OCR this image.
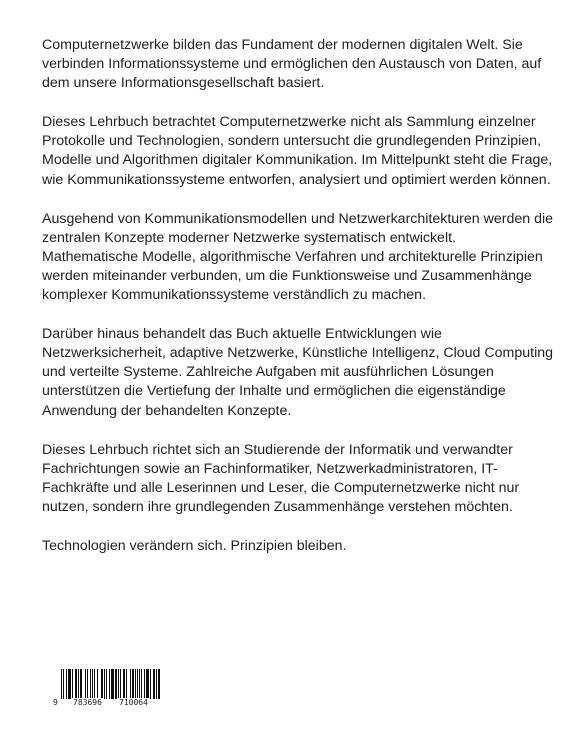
Computernetzwerke bilden das Fundament der modernen digitalen Welt. Sie verbinden Informationssysteme und ermöglichen den Austausch von Daten, auf dem unsere Informationsgesellschaft basiert.

Dieses Lehrbuch betrachtet Computernetzwerke nicht als Sammlung einzelner Protokolle und Technologien, sondern untersucht die grundlegenden Prinzipien, Modelle und Algorithmen digitaler Kommunikation. Im Mittelpunkt steht die Frage, wie Kommunikationssysteme entworfen, analysiert und optimiert werden können.

Ausgehend von Kommunikationsmodellen und Netzwerkarchitekturen werden die zentralen Konzepte moderner Netzwerke systematisch entwickelt. Mathematische Modelle, algorithmische Verfahren und architekturelle Prinzipien werden miteinander verbunden, um die Funktionsweise und Zusammenhänge komplexer Kommunikationssysteme verständlich zu machen.

Darüber hinaus behandelt das Buch aktuelle Entwicklungen wie Netzwerksicherheit, adaptive Netzwerke, Künstliche Intelligenz, Cloud Computing und verteilte Systeme. Zahlreiche Aufgaben mit ausführlichen Lösungen unterstützen die Vertiefung der Inhalte und ermöglichen die eigenständige Anwendung der behandelten Konzepte.

Dieses Lehrbuch richtet sich an Studierende der Informatik und verwandter Fachrichtungen sowie an Fachinformatiker, Netzwerkadministratoren, IT-Fachkräfte und alle Leserinnen und Leser, die Computernetzwerke nicht nur nutzen, sondern ihre grundlegenden Zusammenhänge verstehen möchten.

Technologien verändern sich. Prinzipien bleiben.

9 783696 710064
